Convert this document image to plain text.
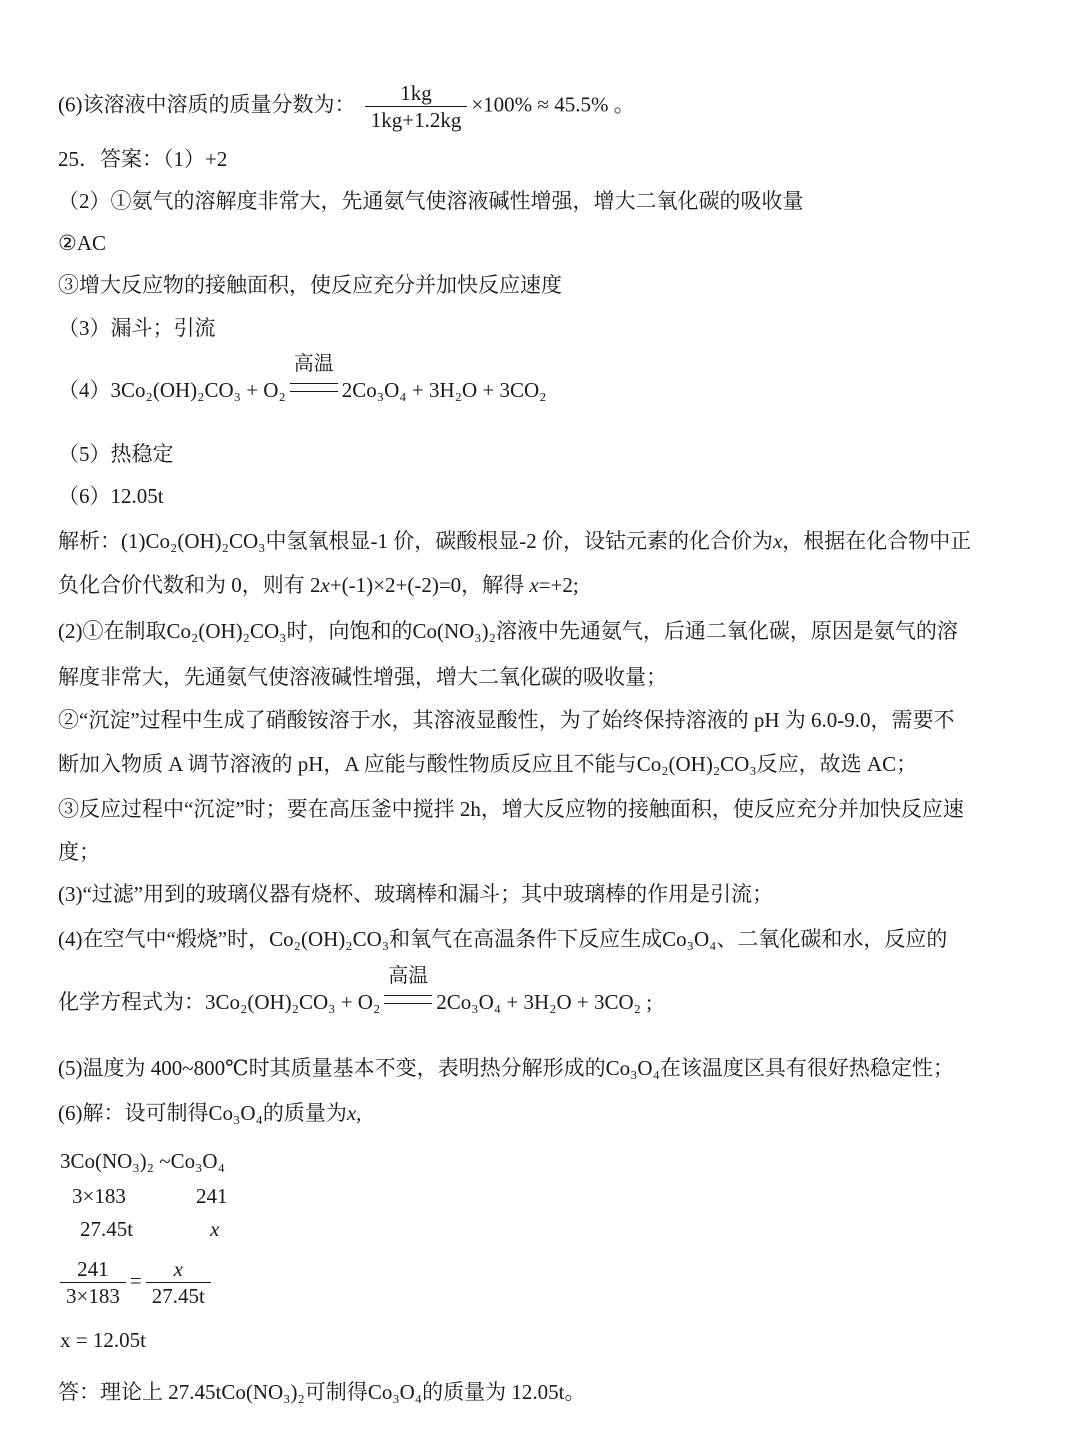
(6)该溶液中溶质的质量分数为： $\frac{1kg}{1kg+1.2kg} \times 100\% \approx 45.5\%$ 。
25．答案：（1）+2
（2）①氨气的溶解度非常大，先通氨气使溶液碱性增强，增大二氧化碳的吸收量
②AC
③增大反应物的接触面积，使反应充分并加快反应速度
（3）漏斗；引流
（4）3Co₂(OH)₂CO₃ + O₂
高温
2Co₃O₄ + 3H₂O + 3CO₂
（5）热稳定
（6）12.05t
解析：(1)Co₂(OH)₂CO₃中氢氧根显-1 价，碳酸根显-2 价，设钴元素的化合价为x，根据在化合物中正
负化合价代数和为 0，则有 2x+(-1)×2+(-2)=0，解得 x=+2;
(2)①在制取Co₂(OH)₂CO₃时，向饱和的Co(NO₃)₂溶液中先通氨气，后通二氧化碳，原因是氨气的溶
解度非常大，先通氨气使溶液碱性增强，增大二氧化碳的吸收量；
②“沉淀”过程中生成了硝酸铵溶于水，其溶液显酸性，为了始终保持溶液的 pH 为 6.0-9.0，需要不
断加入物质 A 调节溶液的 pH，A 应能与酸性物质反应且不能与Co₂(OH)₂CO₃反应，故选 AC；
③反应过程中“沉淀”时；要在高压釜中搅拌 2h，增大反应物的接触面积，使反应充分并加快反应速
度；
(3)“过滤”用到的玻璃仪器有烧杯、玻璃棒和漏斗；其中玻璃棒的作用是引流；
(4)在空气中“煅烧”时，Co₂(OH)₂CO₃和氧气在高温条件下反应生成Co₃O₄、二氧化碳和水，反应的
化学方程式为：3Co₂(OH)₂CO₃ + O₂
高温
2Co₃O₄ + 3H₂O + 3CO₂ ;
(5)温度为 400~800℃时其质量基本不变，表明热分解形成的Co₃O₄在该温度区具有很好热稳定性；
(6)解：设可制得Co₃O₄的质量为x,
3Co(NO₃)₂ ~Co₃O₄
3×183	241
27.45t	x
$\frac{241}{3\times 183} = \frac{x}{27.45t}$
x = 12.05t
答：理论上 27.45tCo(NO₃)₂可制得Co₃O₄的质量为 12.05t。
